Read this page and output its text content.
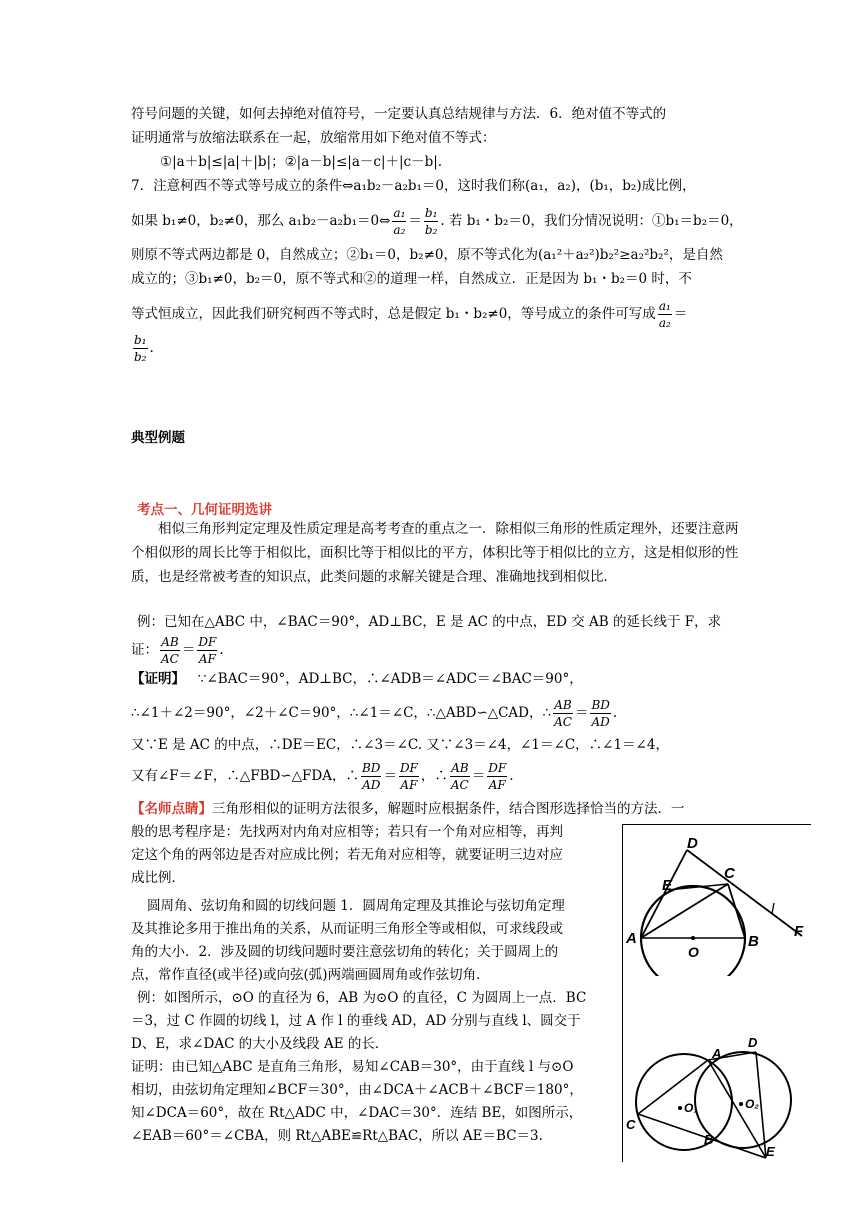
符号问题的关键，如何去掉绝对值符号，一定要认真总结规律与方法．6．绝对值不等式的
证明通常与放缩法联系在一起，放缩常用如下绝对值不等式：
①|a＋b|≤|a|＋|b|；②|a－b|≤|a－c|＋|c－b|.
7．注意柯西不等式等号成立的条件⇔a₁b₂－a₂b₁＝0，这时我们称(a₁，a₂)，(b₁，b₂)成比例，
如果 b₁≠0，b₂≠0，那么 a₁b₂－a₂b₁＝0⇔ $\frac{\text{a₁}}{\text{a₂}} = \frac{\text{b₁}}{\text{b₂}}$ . 若 b₁・b₂＝0，我们分情况说明：①b₁＝b₂＝0，
则原不等式两边都是 0，自然成立；②b₁＝0，b₂≠0，原不等式化为(a₁²＋a₂²)b₂²≥a₂²b₂²，是自然
成立的；③b₁≠0，b₂＝0，原不等式和②的道理一样，自然成立．正是因为 b₁・b₂＝0 时，不
等式恒成立，因此我们研究柯西不等式时，总是假定 b₁・b₂≠0，等号成立的条件可写成 $\frac{\text{a₁}}{\text{a₂}}$ ＝
$\frac{\text{b₁}}{\text{b₂}}$ .
典型例题
考点一、几何证明选讲

相似三角形判定定理及性质定理是高考考查的重点之一．除相似三角形的性质定理外，还要注意两个相似形的周长比等于相似比，面积比等于相似比的平方，体积比等于相似比的立方，这是相似形的性质，也是经常被考查的知识点，此类问题的求解关键是合理、准确地找到相似比．

例：已知在△ABC 中，∠BAC＝90°，AD⊥BC，E 是 AC 的中点，ED 交 AB 的延长线于 F，求
证： $\frac{AB}{AC} = \frac{DF}{AF}$ .
【证明】 ∵∠BAC＝90°，AD⊥BC，∴∠ADB＝∠ADC＝∠BAC＝90°，
∴∠1＋∠2＝90°，∠2＋∠C＝90°，∴∠1＝∠C，∴△ABD∽△CAD，∴ $\frac{AB}{AC} = \frac{BD}{AD}$ .
又∵E 是 AC 的中点，∴DE＝EC，∴∠3＝∠C. 又∵∠3＝∠4，∠1＝∠C，∴∠1＝∠4，
又有∠F＝∠F，∴△FBD∽△FDA，∴ $\frac{BD}{AD} = \frac{DF}{AF}$ ，∴ $\frac{AB}{AC} = \frac{DF}{AF}$ .
【名师点睛】三角形相似的证明方法很多，解题时应根据条件，结合图形选择恰当的方法．一
般的思考程序是：先找两对内角对应相等；若只有一个角对应相等，再判
定这个角的两邻边是否对应成比例；若无角对应相等，就要证明三边对应
成比例．
圆周角、弦切角和圆的切线问题 1．圆周角定理及其推论与弦切角定理
及其推论多用于推出角的关系，从而证明三角形全等或相似，可求线段或
角的大小．2．涉及圆的切线问题时要注意弦切角的转化；关于圆周上的
点，常作直径(或半径)或向弦(弧)两端画圆周角或作弦切角．
例：如图所示，⊙O 的直径为 6，AB 为⊙O 的直径，C 为圆周上一点．BC
＝3，过 C 作圆的切线 l，过 A 作 l 的垂线 AD，AD 分别与直线 l、圆交于
D、E，求∠DAC 的大小及线段 AE 的长．
证明：由已知△ABC 是直角三角形，易知∠CAB＝30°，由于直线 l 与⊙O
相切，由弦切角定理知∠BCF＝30°，由∠DCA＋∠ACB＋∠BCF＝180°，
知∠DCA＝60°，故在 Rt△ADC 中，∠DAC＝30°．连结 BE，如图所示，
∠EAB＝60°＝∠CBA，则 Rt△ABE≌Rt△BAC，所以 AE＝BC＝3.
D
E
C
l
A
O
B
F
A
D
O₁	O₂
C
B
E
